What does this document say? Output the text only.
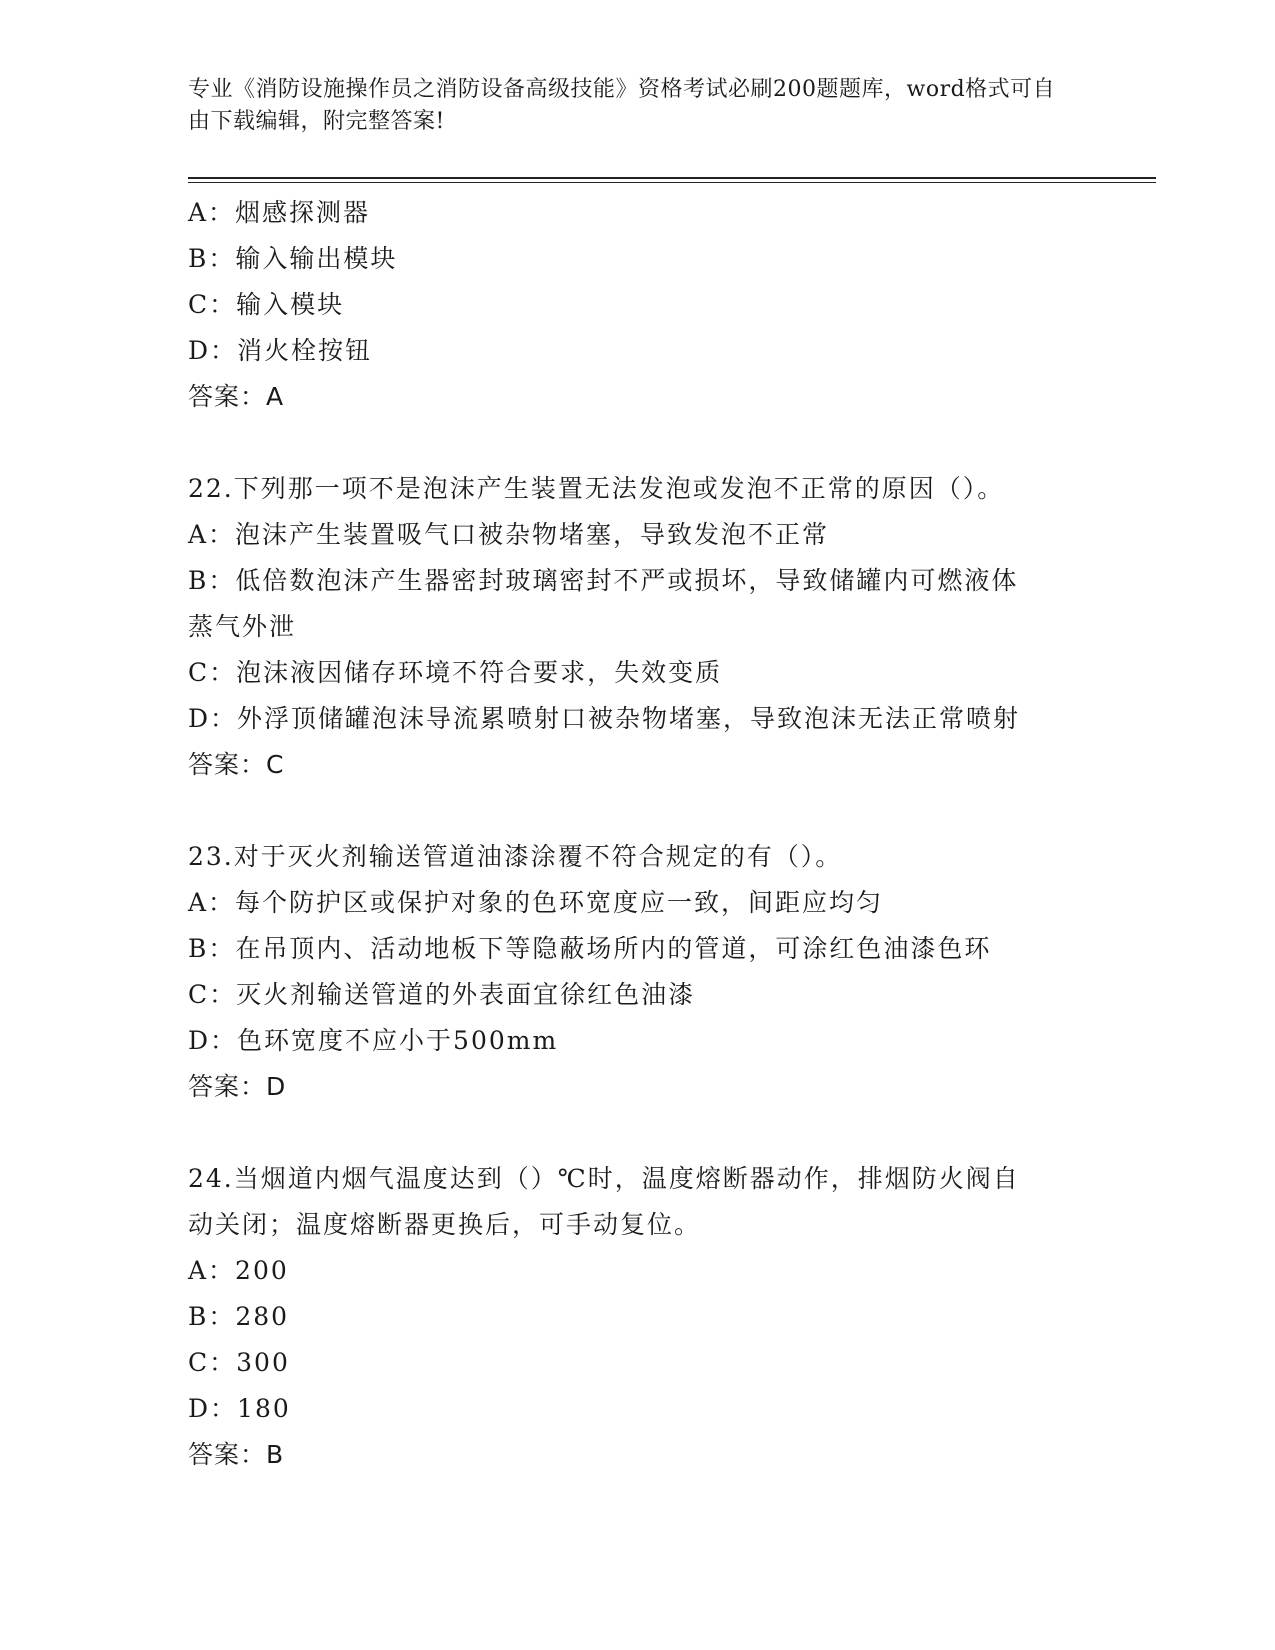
专业《消防设施操作员之消防设备高级技能》资格考试必刷200题题库，word格式可自由下载编辑，附完整答案!
A：烟感探测器
B：输入输出模块
C：输入模块
D：消火栓按钮
答案：A
22.下列那一项不是泡沫产生装置无法发泡或发泡不正常的原因（）。
A：泡沫产生装置吸气口被杂物堵塞，导致发泡不正常
B：低倍数泡沫产生器密封玻璃密封不严或损坏，导致储罐内可燃液体
蒸气外泄
C：泡沫液因储存环境不符合要求，失效变质
D：外浮顶储罐泡沫导流累喷射口被杂物堵塞，导致泡沫无法正常喷射
答案：C
23.对于灭火剂输送管道油漆涂覆不符合规定的有（）。
A：每个防护区或保护对象的色环宽度应一致，间距应均匀
B：在吊顶内、活动地板下等隐蔽场所内的管道，可涂红色油漆色环
C：灭火剂输送管道的外表面宜徐红色油漆
D：色环宽度不应小于500mm
答案：D
24.当烟道内烟气温度达到（）℃时，温度熔断器动作，排烟防火阀自
动关闭；温度熔断器更换后，可手动复位。
A：200
B：280
C：300
D：180
答案：B
